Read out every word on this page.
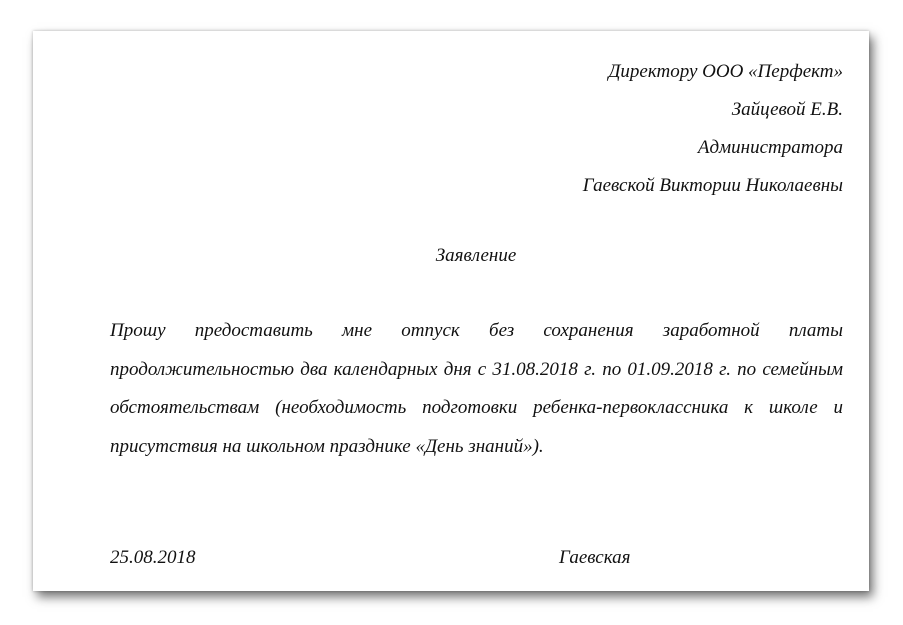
Директору ООО «Перфект»
Зайцевой Е.В.
Администратора
Гаевской Виктории Николаевны
Заявление
Прошу предоставить мне отпуск без сохранения заработной платы продолжительностью два календарных дня с 31.08.2018 г. по 01.09.2018 г. по семейным обстоятельствам (необходимость подготовки ребенка-первоклассника к школе и присутствия на школьном празднике «День знаний»).
25.08.2018	Гаевская
